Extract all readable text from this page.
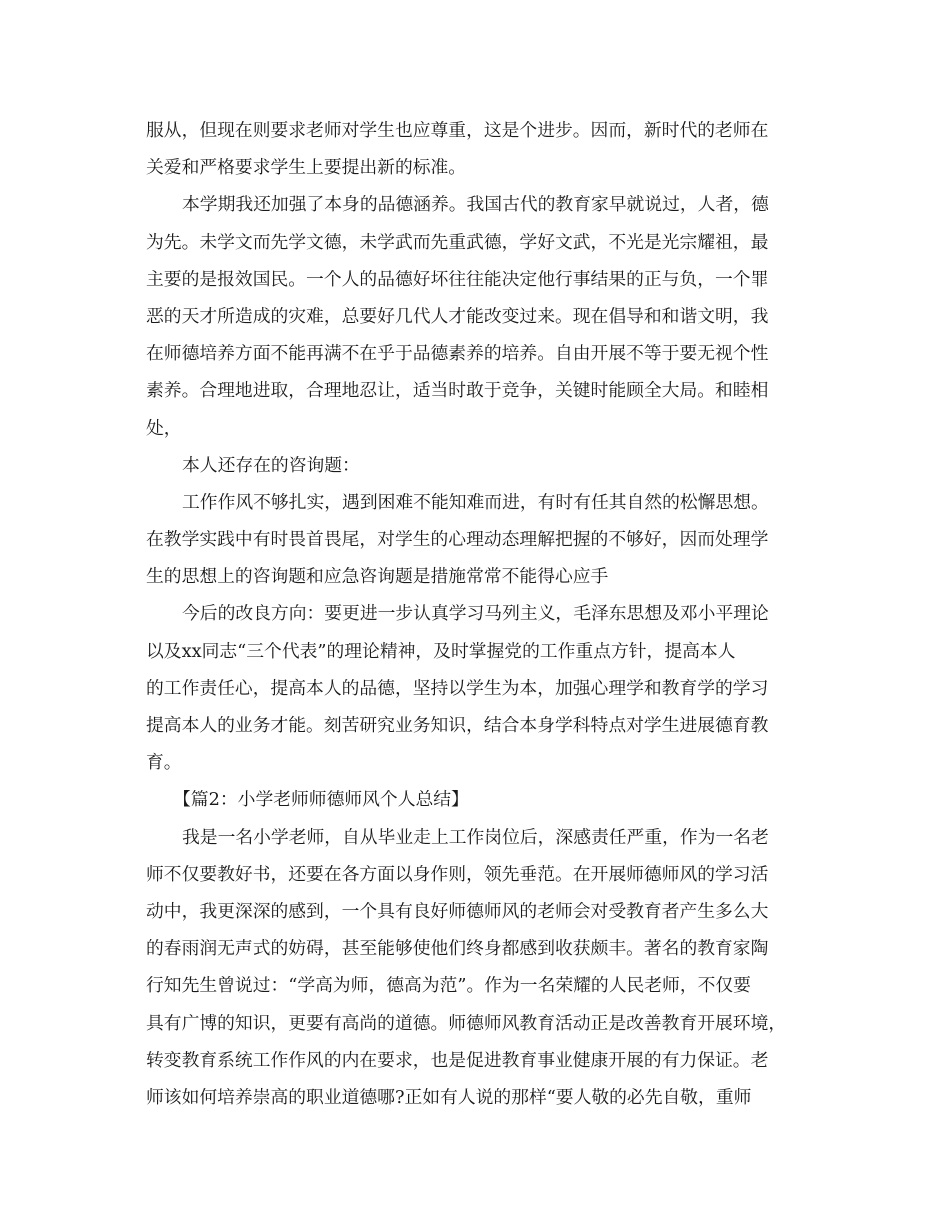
服从，但现在则要求老师对学生也应尊重，这是个进步。因而，新时代的老师在

关爱和严格要求学生上要提出新的标准。

本学期我还加强了本身的品德涵养。我国古代的教育家早就说过，人者，德

为先。未学文而先学文德，未学武而先重武德，学好文武，不光是光宗耀祖，最

主要的是报效国民。一个人的品德好坏往往能决定他行事结果的正与负，一个罪

恶的天才所造成的灾难，总要好几代人才能改变过来。现在倡导和和谐文明，我

在师德培养方面不能再满不在乎于品德素养的培养。自由开展不等于要无视个性

素养。合理地进取，合理地忍让，适当时敢于竞争，关键时能顾全大局。和睦相

处，

本人还存在的咨询题：

工作作风不够扎实，遇到困难不能知难而进，有时有任其自然的松懈思想。

在教学实践中有时畏首畏尾，对学生的心理动态理解把握的不够好，因而处理学

生的思想上的咨询题和应急咨询题是措施常常不能得心应手

今后的改良方向：要更进一步认真学习马列主义，毛泽东思想及邓小平理论

以及xx同志“三个代表”的理论精神，及时掌握党的工作重点方针，提高本人

的工作责任心，提高本人的品德，坚持以学生为本，加强心理学和教育学的学习

提高本人的业务才能。刻苦研究业务知识，结合本身学科特点对学生进展德育教

育。

【篇2：小学老师师德师风个人总结】

我是一名小学老师，自从毕业走上工作岗位后，深感责任严重，作为一名老

师不仅要教好书，还要在各方面以身作则，领先垂范。在开展师德师风的学习活

动中，我更深深的感到，一个具有良好师德师风的老师会对受教育者产生多么大

的春雨润无声式的妨碍，甚至能够使他们终身都感到收获颇丰。著名的教育家陶

行知先生曾说过：“学高为师，德高为范”。作为一名荣耀的人民老师，不仅要

具有广博的知识，更要有高尚的道德。师德师风教育活动正是改善教育开展环境，

转变教育系统工作作风的内在要求，也是促进教育事业健康开展的有力保证。老

师该如何培养崇高的职业道德哪?正如有人说的那样“要人敬的必先自敬，重师
